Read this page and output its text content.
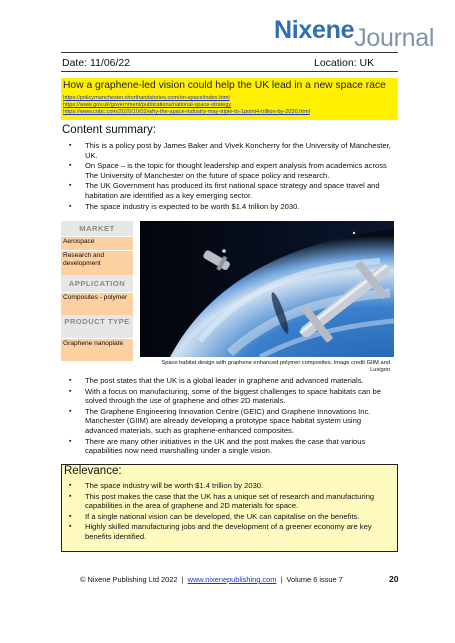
NixeneJournal
Date: 11/06/22	Location: UK
How a graphene-led vision could help the UK lead in a new space race
https://policymanchester.shorthandstories.com/on-space/index.html
https://www.gov.uk/government/publications/national-space-strategy
https://www.cnbc.com/2020/10/02/why-the-space-industry-may-triple-to-1point4-trillion-by-2030.html
Content summary:
▪ This is a policy post by James Baker and Vivek Koncherry for the University of Manchester, UK.
▪ On Space – is the topic for thought leadership and expert analysis from academics across The University of Manchester on the future of space policy and research.
▪ The UK Government has produced its first national space strategy and space travel and habitation are identified as a key emerging sector.
▪ The space industry is expected to be worth $1.4 trillion by 2030.
MARKET
Aerospace
Research and development
APPLICATION
Composites - polymer
PRODUCT TYPE
Graphene nanoplate
Space habitat design with graphene enhanced polymer composites. Image credit GIIM and Luxigon
▪ The post states that the UK is a global leader in graphene and advanced materials.
▪ With a focus on manufacturing, some of the biggest challenges to space habitats can be solved through the use of graphene and other 2D materials.
▪ The Graphene Engineering Innovation Centre (GEIC) and Graphene Innovations Inc. Manchester (GIIM) are already developing a prototype space habitat system using advanced materials, such as graphene-enhanced composites.
▪ There are many other initiatives in the UK and the post makes the case that various capabilities now need marshalling under a single vision.
Relevance:
▪ The space industry will be worth $1.4 trillion by 2030.
▪ This post makes the case that the UK has a unique set of research and manufacturing capabilities in the area of graphene and 2D materials for space.
▪ If a single national vision can be developed, the UK can capitalise on the benefits.
▪ Highly skilled manufacturing jobs and the development of a greener economy are key benefits identified.
© Nixene Publishing Ltd 2022 | www.nixenepublishing.com | Volume 6 issue 7	20
